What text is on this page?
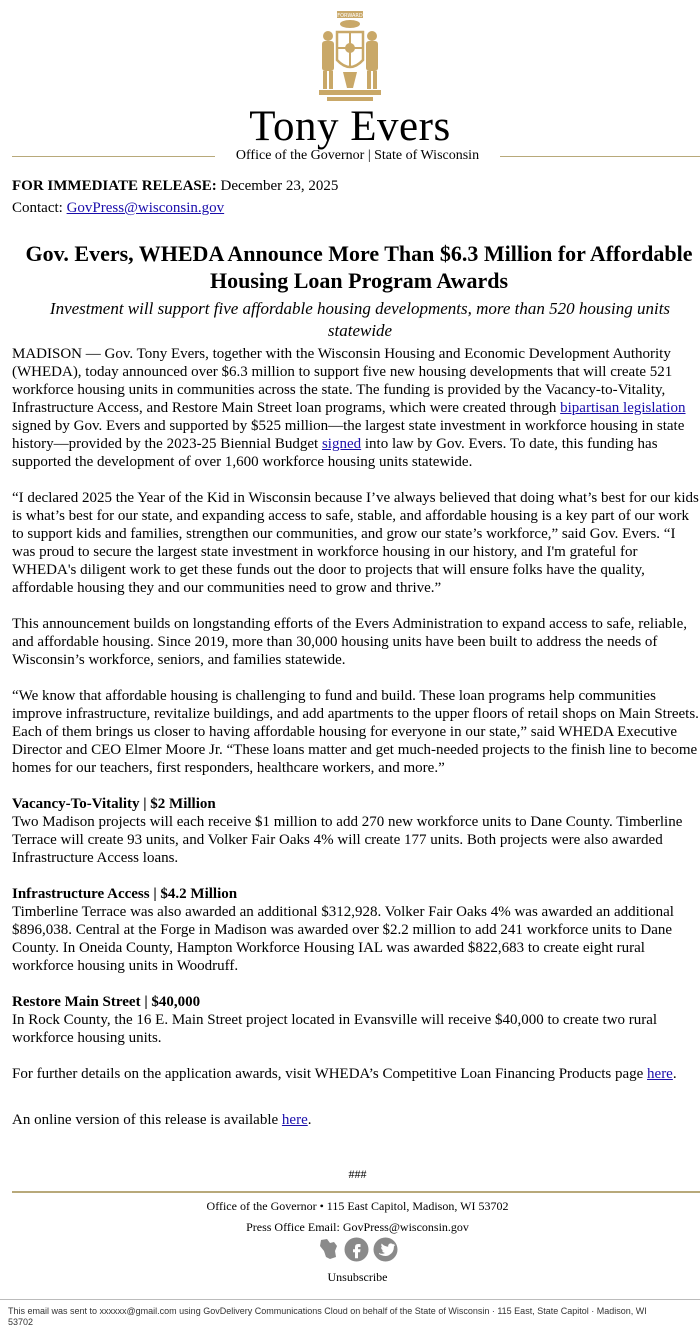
FORWARD
Tony Evers
Office of the Governor | State of Wisconsin
FOR IMMEDIATE RELEASE: December 23, 2025
Contact: GovPress@wisconsin.gov
Gov. Evers, WHEDA Announce More Than $6.3 Million for Affordable Housing Loan Program Awards
Investment will support five affordable housing developments, more than 520 housing units statewide

MADISON — Gov. Tony Evers, together with the Wisconsin Housing and Economic Development Authority (WHEDA), today announced over $6.3 million to support five new housing developments that will create 521 workforce housing units in communities across the state. The funding is provided by the Vacancy-to-Vitality, Infrastructure Access, and Restore Main Street loan programs, which were created through bipartisan legislation signed by Gov. Evers and supported by $525 million—the largest state investment in workforce housing in state history—provided by the 2023-25 Biennial Budget signed into law by Gov. Evers. To date, this funding has supported the development of over 1,600 workforce housing units statewide.

“I declared 2025 the Year of the Kid in Wisconsin because I’ve always believed that doing what’s best for our kids is what’s best for our state, and expanding access to safe, stable, and affordable housing is a key part of our work to support kids and families, strengthen our communities, and grow our state’s workforce,” said Gov. Evers. “I was proud to secure the largest state investment in workforce housing in our history, and I'm grateful for WHEDA's diligent work to get these funds out the door to projects that will ensure folks have the quality, affordable housing they and our communities need to grow and thrive.”

This announcement builds on longstanding efforts of the Evers Administration to expand access to safe, reliable, and affordable housing. Since 2019, more than 30,000 housing units have been built to address the needs of Wisconsin’s workforce, seniors, and families statewide.

“We know that affordable housing is challenging to fund and build. These loan programs help communities improve infrastructure, revitalize buildings, and add apartments to the upper floors of retail shops on Main Streets. Each of them brings us closer to having affordable housing for everyone in our state,” said WHEDA Executive Director and CEO Elmer Moore Jr. “These loans matter and get much-needed projects to the finish line to become homes for our teachers, first responders, healthcare workers, and more.”

Vacancy-To-Vitality | $2 Million
Two Madison projects will each receive $1 million to add 270 new workforce units to Dane County. Timberline Terrace will create 93 units, and Volker Fair Oaks 4% will create 177 units. Both projects were also awarded Infrastructure Access loans.

Infrastructure Access | $4.2 Million
Timberline Terrace was also awarded an additional $312,928. Volker Fair Oaks 4% was awarded an additional $896,038. Central at the Forge in Madison was awarded over $2.2 million to add 241 workforce units to Dane County. In Oneida County, Hampton Workforce Housing IAL was awarded $822,683 to create eight rural workforce housing units in Woodruff.

Restore Main Street | $40,000
In Rock County, the 16 E. Main Street project located in Evansville will receive $40,000 to create two rural workforce housing units.

For further details on the application awards, visit WHEDA’s Competitive Loan Financing Products page here.

An online version of this release is available here.

###
Office of the Governor • 115 East Capitol, Madison, WI 53702
Press Office Email: GovPress@wisconsin.gov

Unsubscribe
This email was sent to xxxxxx@gmail.com using GovDelivery Communications Cloud on behalf of the State of Wisconsin · 115 East, State Capitol · Madison, WI 53702
